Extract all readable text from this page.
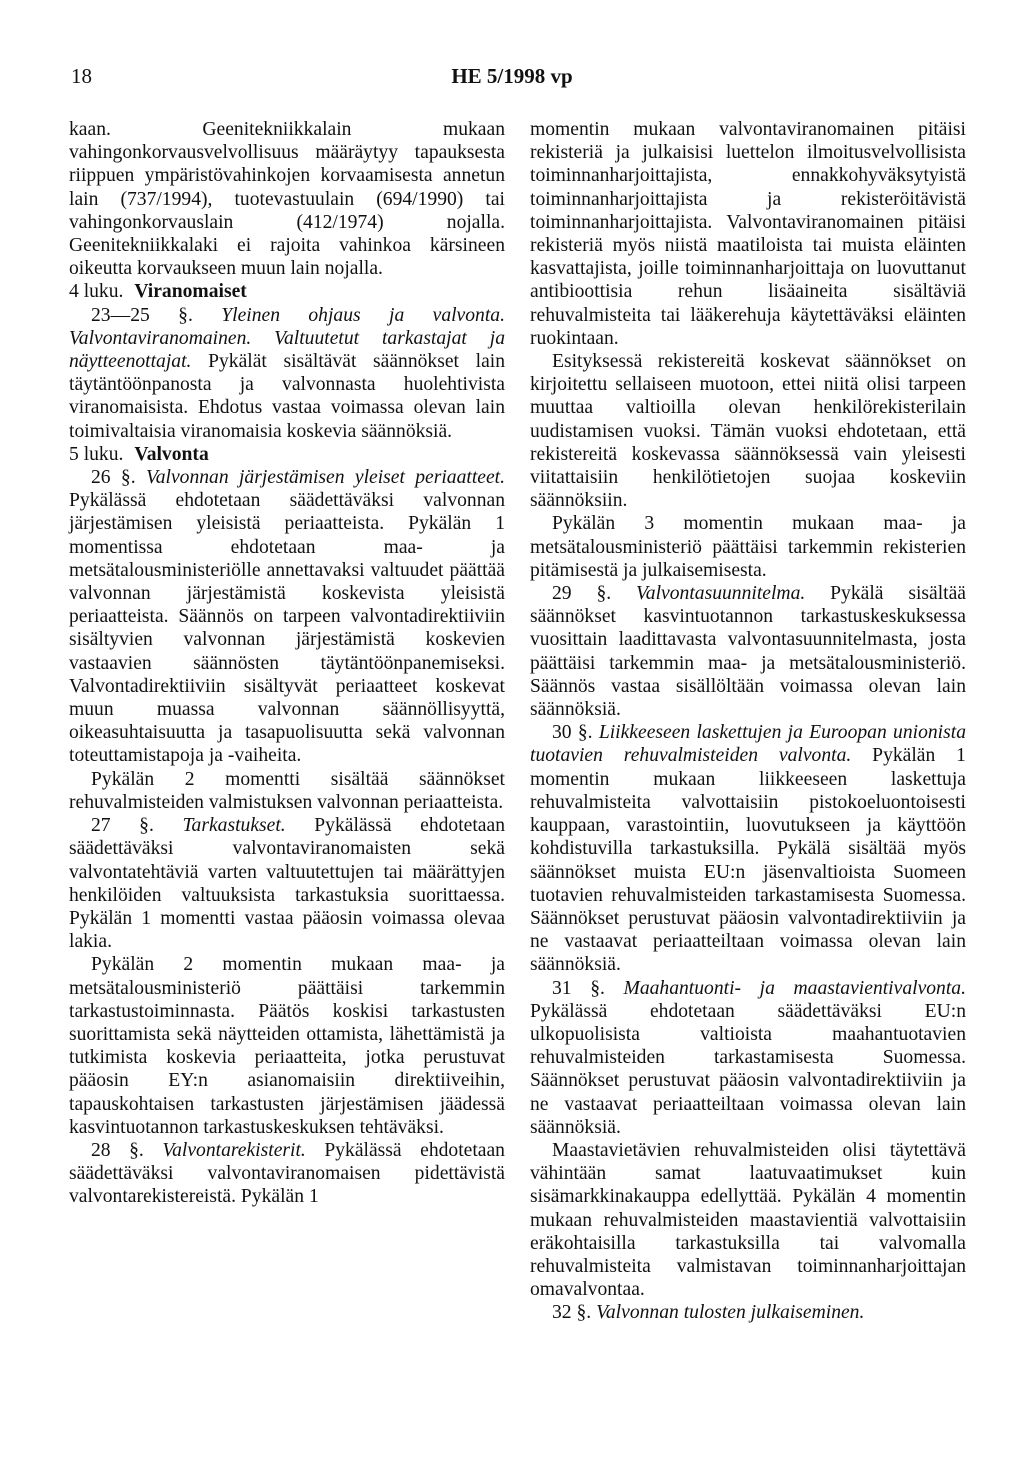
18	HE 5/1998 vp

kaan. Geenitekniikkalain mukaan vahingonkorvausvelvollisuus määräytyy tapauksesta riippuen ympäristövahinkojen korvaamisesta annetun lain (737/1994), tuotevastuulain (694/1990) tai vahingonkorvauslain (412/1974) nojalla. Geenitekniikkalaki ei rajoita vahinkoa kärsineen oikeutta korvaukseen muun lain nojalla.

4 luku. Viranomaiset

23—25 §. Yleinen ohjaus ja valvonta. Valvontaviranomainen. Valtuutetut tarkastajat ja näytteenottajat. Pykälät sisältävät säännökset lain täytäntöönpanosta ja valvonnasta huolehtivista viranomaisista. Ehdotus vastaa voimassa olevan lain toimivaltaisia viranomaisia koskevia säännöksiä.

5 luku. Valvonta

26 §. Valvonnan järjestämisen yleiset periaatteet. Pykälässä ehdotetaan säädettäväksi valvonnan järjestämisen yleisistä periaatteista. Pykälän 1 momentissa ehdotetaan maa- ja metsätalousministeriölle annettavaksi valtuudet päättää valvonnan järjestämistä koskevista yleisistä periaatteista. Säännös on tarpeen valvontadirektiiviin sisältyvien valvonnan järjestämistä koskevien vastaavien säännösten täytäntöönpanemiseksi. Valvontadirektiiviin sisältyvät periaatteet koskevat muun muassa valvonnan säännöllisyyttä, oikeasuhtaisuutta ja tasapuolisuutta sekä valvonnan toteuttamistapoja ja -vaiheita.

Pykälän 2 momentti sisältää säännökset rehuvalmisteiden valmistuksen valvonnan periaatteista.

27 §. Tarkastukset. Pykälässä ehdotetaan säädettäväksi valvontaviranomaisten sekä valvontatehtäviä varten valtuutettujen tai määrättyjen henkilöiden valtuuksista tarkastuksia suorittaessa. Pykälän 1 momentti vastaa pääosin voimassa olevaa lakia.

Pykälän 2 momentin mukaan maa- ja metsätalousministeriö päättäisi tarkemmin tarkastustoiminnasta. Päätös koskisi tarkastusten suorittamista sekä näytteiden ottamista, lähettämistä ja tutkimista koskevia periaatteita, jotka perustuvat pääosin EY:n asianomaisiin direktiiveihin, tapauskohtaisen tarkastusten järjestämisen jäädessä kasvintuotannon tarkastuskeskuksen tehtäväksi.

28 §. Valvontarekisterit. Pykälässä ehdotetaan säädettäväksi valvontaviranomaisen pidettävistä valvontarekistereistä. Pykälän 1

momentin mukaan valvontaviranomainen pitäisi rekisteriä ja julkaisisi luettelon ilmoitusvelvollisista toiminnanharjoittajista, ennakkohyväksytyistä toiminnanharjoittajista ja rekisteröitävistä toiminnanharjoittajista. Valvontaviranomainen pitäisi rekisteriä myös niistä maatiloista tai muista eläinten kasvattajista, joille toiminnanharjoittaja on luovuttanut antibioottisia rehun lisäaineita sisältäviä rehuvalmisteita tai lääkerehuja käytettäväksi eläinten ruokintaan.

Esityksessä rekistereitä koskevat säännökset on kirjoitettu sellaiseen muotoon, ettei niitä olisi tarpeen muuttaa valtioilla olevan henkilörekisterilain uudistamisen vuoksi. Tämän vuoksi ehdotetaan, että rekistereitä koskevassa säännöksessä vain yleisesti viitattaisiin henkilötietojen suojaa koskeviin säännöksiin.

Pykälän 3 momentin mukaan maa- ja metsätalousministeriö päättäisi tarkemmin rekisterien pitämisestä ja julkaisemisesta.

29 §. Valvontasuunnitelma. Pykälä sisältää säännökset kasvintuotannon tarkastuskeskuksessa vuosittain laadittavasta valvontasuunnitelmasta, josta päättäisi tarkemmin maa- ja metsätalousministeriö. Säännös vastaa sisällöltään voimassa olevan lain säännöksiä.

30 §. Liikkeeseen laskettujen ja Euroopan unionista tuotavien rehuvalmisteiden valvonta. Pykälän 1 momentin mukaan liikkeeseen laskettuja rehuvalmisteita valvottaisiin pistokoeluontoisesti kauppaan, varastointiin, luovutukseen ja käyttöön kohdistuvilla tarkastuksilla. Pykälä sisältää myös säännökset muista EU:n jäsenvaltioista Suomeen tuotavien rehuvalmisteiden tarkastamisesta Suomessa. Säännökset perustuvat pääosin valvontadirektiiviin ja ne vastaavat periaatteiltaan voimassa olevan lain säännöksiä.

31 §. Maahantuonti- ja maastavientivalvonta. Pykälässä ehdotetaan säädettäväksi EU:n ulkopuolisista valtioista maahantuotavien rehuvalmisteiden tarkastamisesta Suomessa. Säännökset perustuvat pääosin valvontadirektiiviin ja ne vastaavat periaatteiltaan voimassa olevan lain säännöksiä.

Maastavietävien rehuvalmisteiden olisi täytettävä vähintään samat laatuvaatimukset kuin sisämarkkinakauppa edellyttää. Pykälän 4 momentin mukaan rehuvalmisteiden maastavientiä valvottaisiin eräkohtaisilla tarkastuksilla tai valvomalla rehuvalmisteita valmistavan toiminnanharjoittajan omavalvontaa.

32 §. Valvonnan tulosten julkaiseminen.
